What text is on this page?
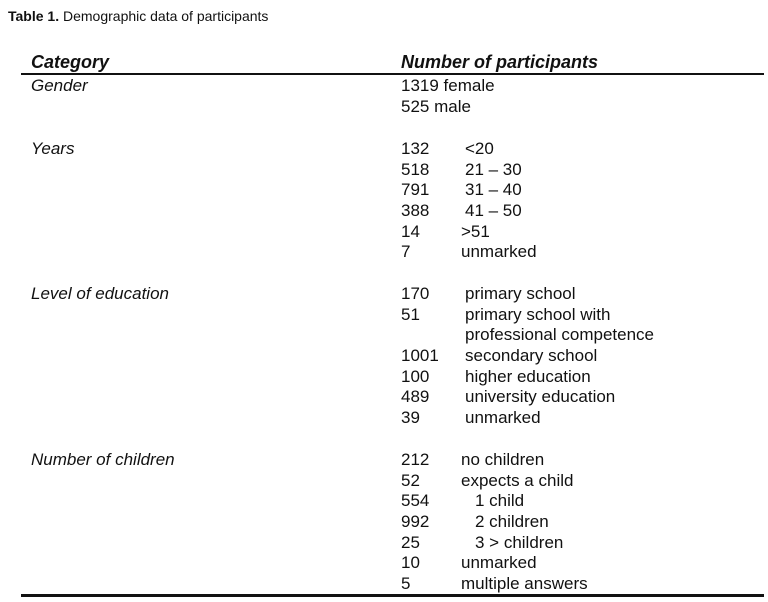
Table 1. Demographic data of participants
Category	Number of participants
Gender	1319 female
525 male
Years	132 <20
518 21 – 30
791 31 – 40
388 41 – 50
14 >51
7	unmarked
Level of education	170 primary school
51	primary school with
professional competence
1001 secondary school
100 higher education
489 university education
39	unmarked
Number of children	212 no children
52 expects a child
554	1 child
992	2 children
25	3 > children
10 unmarked
5	multiple answers
